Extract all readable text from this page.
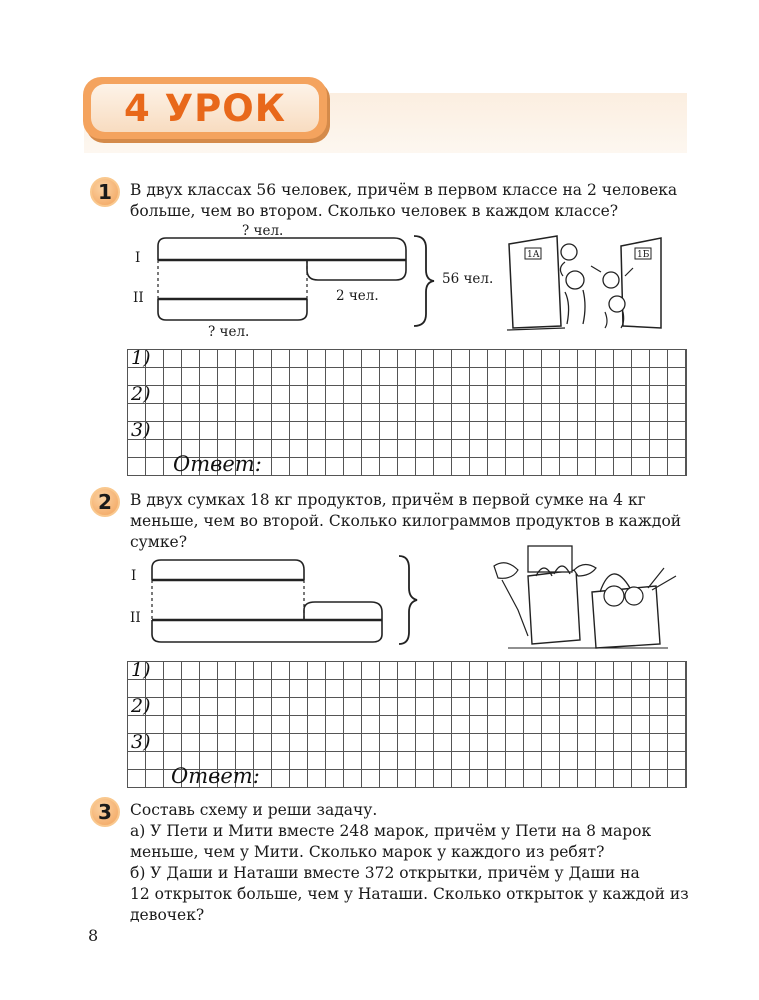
4 УРОК
1	В двух классах 56 человек, причём в первом классе на 2 человека
больше, чем во втором. Сколько человек в каждом классе?
? чел.
I
II	2 чел.
? чел.
56 чел.
1А	1Б
1)
2)
3)
Ответ:
2	В двух сумках 18 кг продуктов, причём в первой сумке на 4 кг
меньше, чем во второй. Сколько килограммов продуктов в каждой
сумке?
I
II
1)
2)
3)
Ответ:
3	Составь схему и реши задачу.
а) У Пети и Мити вместе 248 марок, причём у Пети на 8 марок
меньше, чем у Мити. Сколько марок у каждого из ребят?
б) У Даши и Наташи вместе 372 открытки, причём у Даши на
12 открыток больше, чем у Наташи. Сколько открыток у каждой из
девочек?
8
